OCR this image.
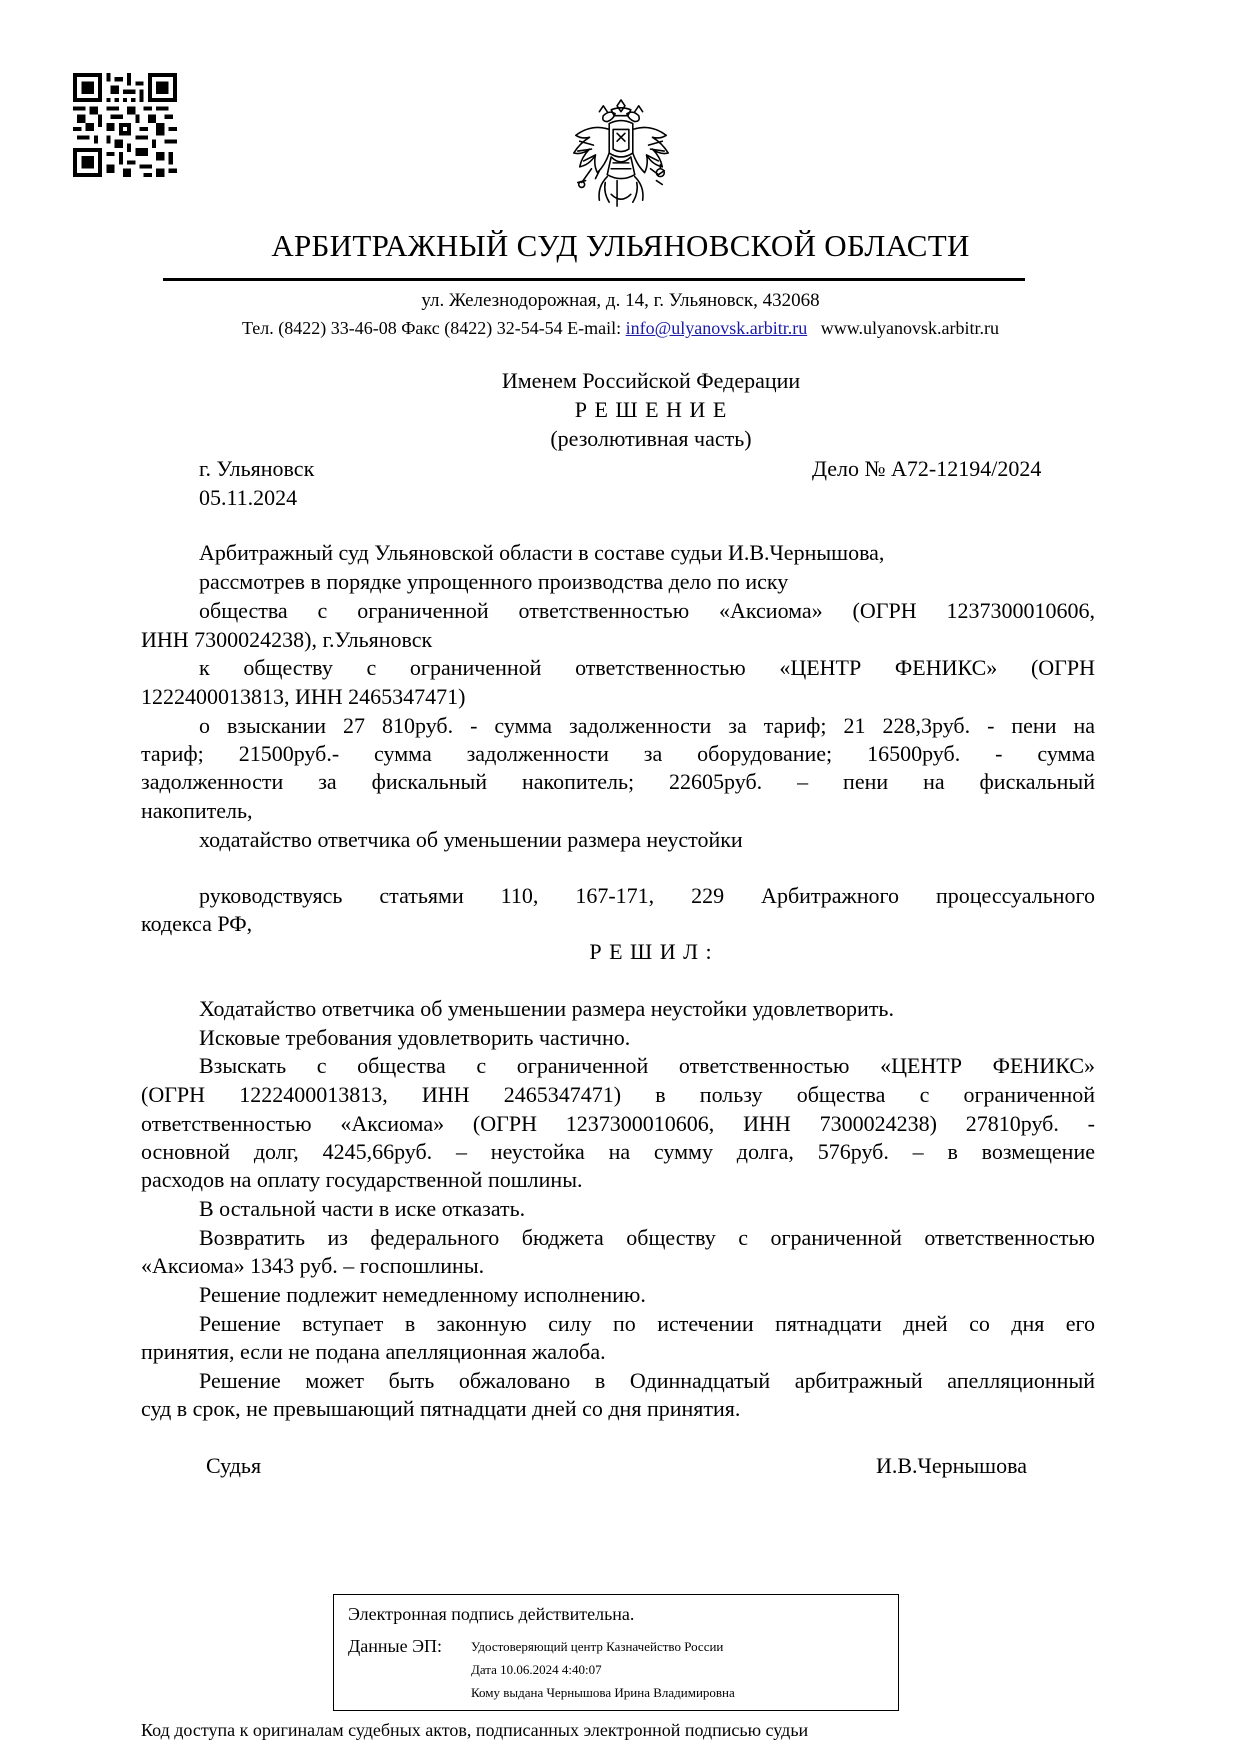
АРБИТРАЖНЫЙ СУД УЛЬЯНОВСКОЙ ОБЛАСТИ
ул. Железнодорожная, д. 14, г. Ульяновск, 432068
Тел. (8422) 33-46-08 Факс (8422) 32-54-54 E-mail: info@ulyanovsk.arbitr.ru www.ulyanovsk.arbitr.ru
Именем Российской Федерации
Р Е Ш Е Н И Е
(резолютивная часть)
г. Ульяновск	Дело № А72-12194/2024
05.11.2024
Арбитражный суд Ульяновской области в составе судьи И.В.Чернышова,
рассмотрев в порядке упрощенного производства дело по иску
общества с ограниченной ответственностью «Аксиома» (ОГРН 1237300010606,
ИНН 7300024238), г.Ульяновск
к обществу с ограниченной ответственностью «ЦЕНТР ФЕНИКС» (ОГРН
1222400013813, ИНН 2465347471)
о взыскании 27 810руб. - сумма задолженности за тариф; 21 228,3руб. - пени на
тариф; 21500руб.- сумма задолженности за оборудование; 16500руб. - сумма
задолженности за фискальный накопитель; 22605руб. – пени на фискальный
накопитель,
ходатайство ответчика об уменьшении размера неустойки
руководствуясь статьями 110, 167-171, 229 Арбитражного процессуального
кодекса РФ,
Р Е Ш И Л :
Ходатайство ответчика об уменьшении размера неустойки удовлетворить.
Исковые требования удовлетворить частично.
Взыскать с общества с ограниченной ответственностью «ЦЕНТР ФЕНИКС»
(ОГРН 1222400013813, ИНН 2465347471) в пользу общества с ограниченной
ответственностью «Аксиома» (ОГРН 1237300010606, ИНН 7300024238) 27810руб. -
основной долг, 4245,66руб. – неустойка на сумму долга, 576руб. – в возмещение
расходов на оплату государственной пошлины.
В остальной части в иске отказать.
Возвратить из федерального бюджета обществу с ограниченной ответственностью
«Аксиома» 1343 руб. – госпошлины.
Решение подлежит немедленному исполнению.
Решение вступает в законную силу по истечении пятнадцати дней со дня его
принятия, если не подана апелляционная жалоба.
Решение может быть обжаловано в Одиннадцатый арбитражный апелляционный
суд в срок, не превышающий пятнадцати дней со дня принятия.
Судья	И.В.Чернышова
Электронная подпись действительна.
Данные ЭП: Удостоверяющий центр Казначейство России
Дата 10.06.2024 4:40:07
Кому выдана Чернышова Ирина Владимировна
Код доступа к оригиналам судебных актов, подписанных электронной подписью судьи
